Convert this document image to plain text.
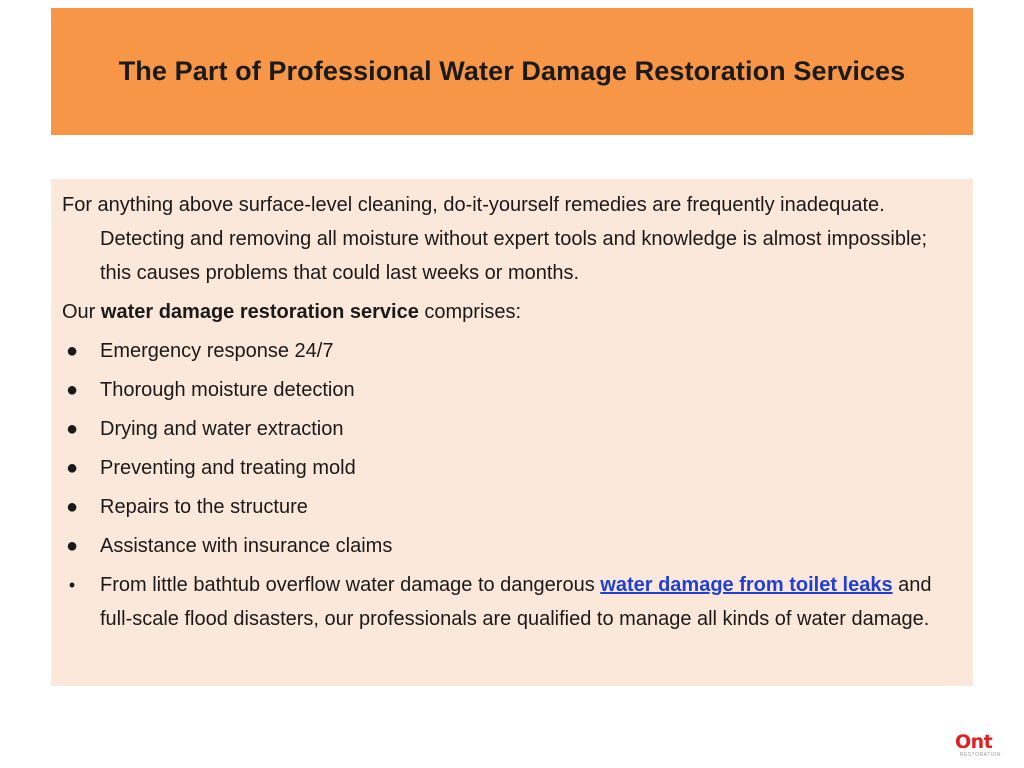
The Part of Professional Water Damage Restoration Services

For anything above surface-level cleaning, do-it-yourself remedies are frequently inadequate. Detecting and removing all moisture without expert tools and knowledge is almost impossible; this causes problems that could last weeks or months.

Our water damage restoration service comprises:

● Emergency response 24/7
● Thorough moisture detection
● Drying and water extraction
● Preventing and treating mold
● Repairs to the structure
● Assistance with insurance claims
•	From little bathtub overflow water damage to dangerous water damage from toilet leaks and full-scale flood disasters, our professionals are qualified to manage all kinds of water damage.
Ont
RESTORATION
